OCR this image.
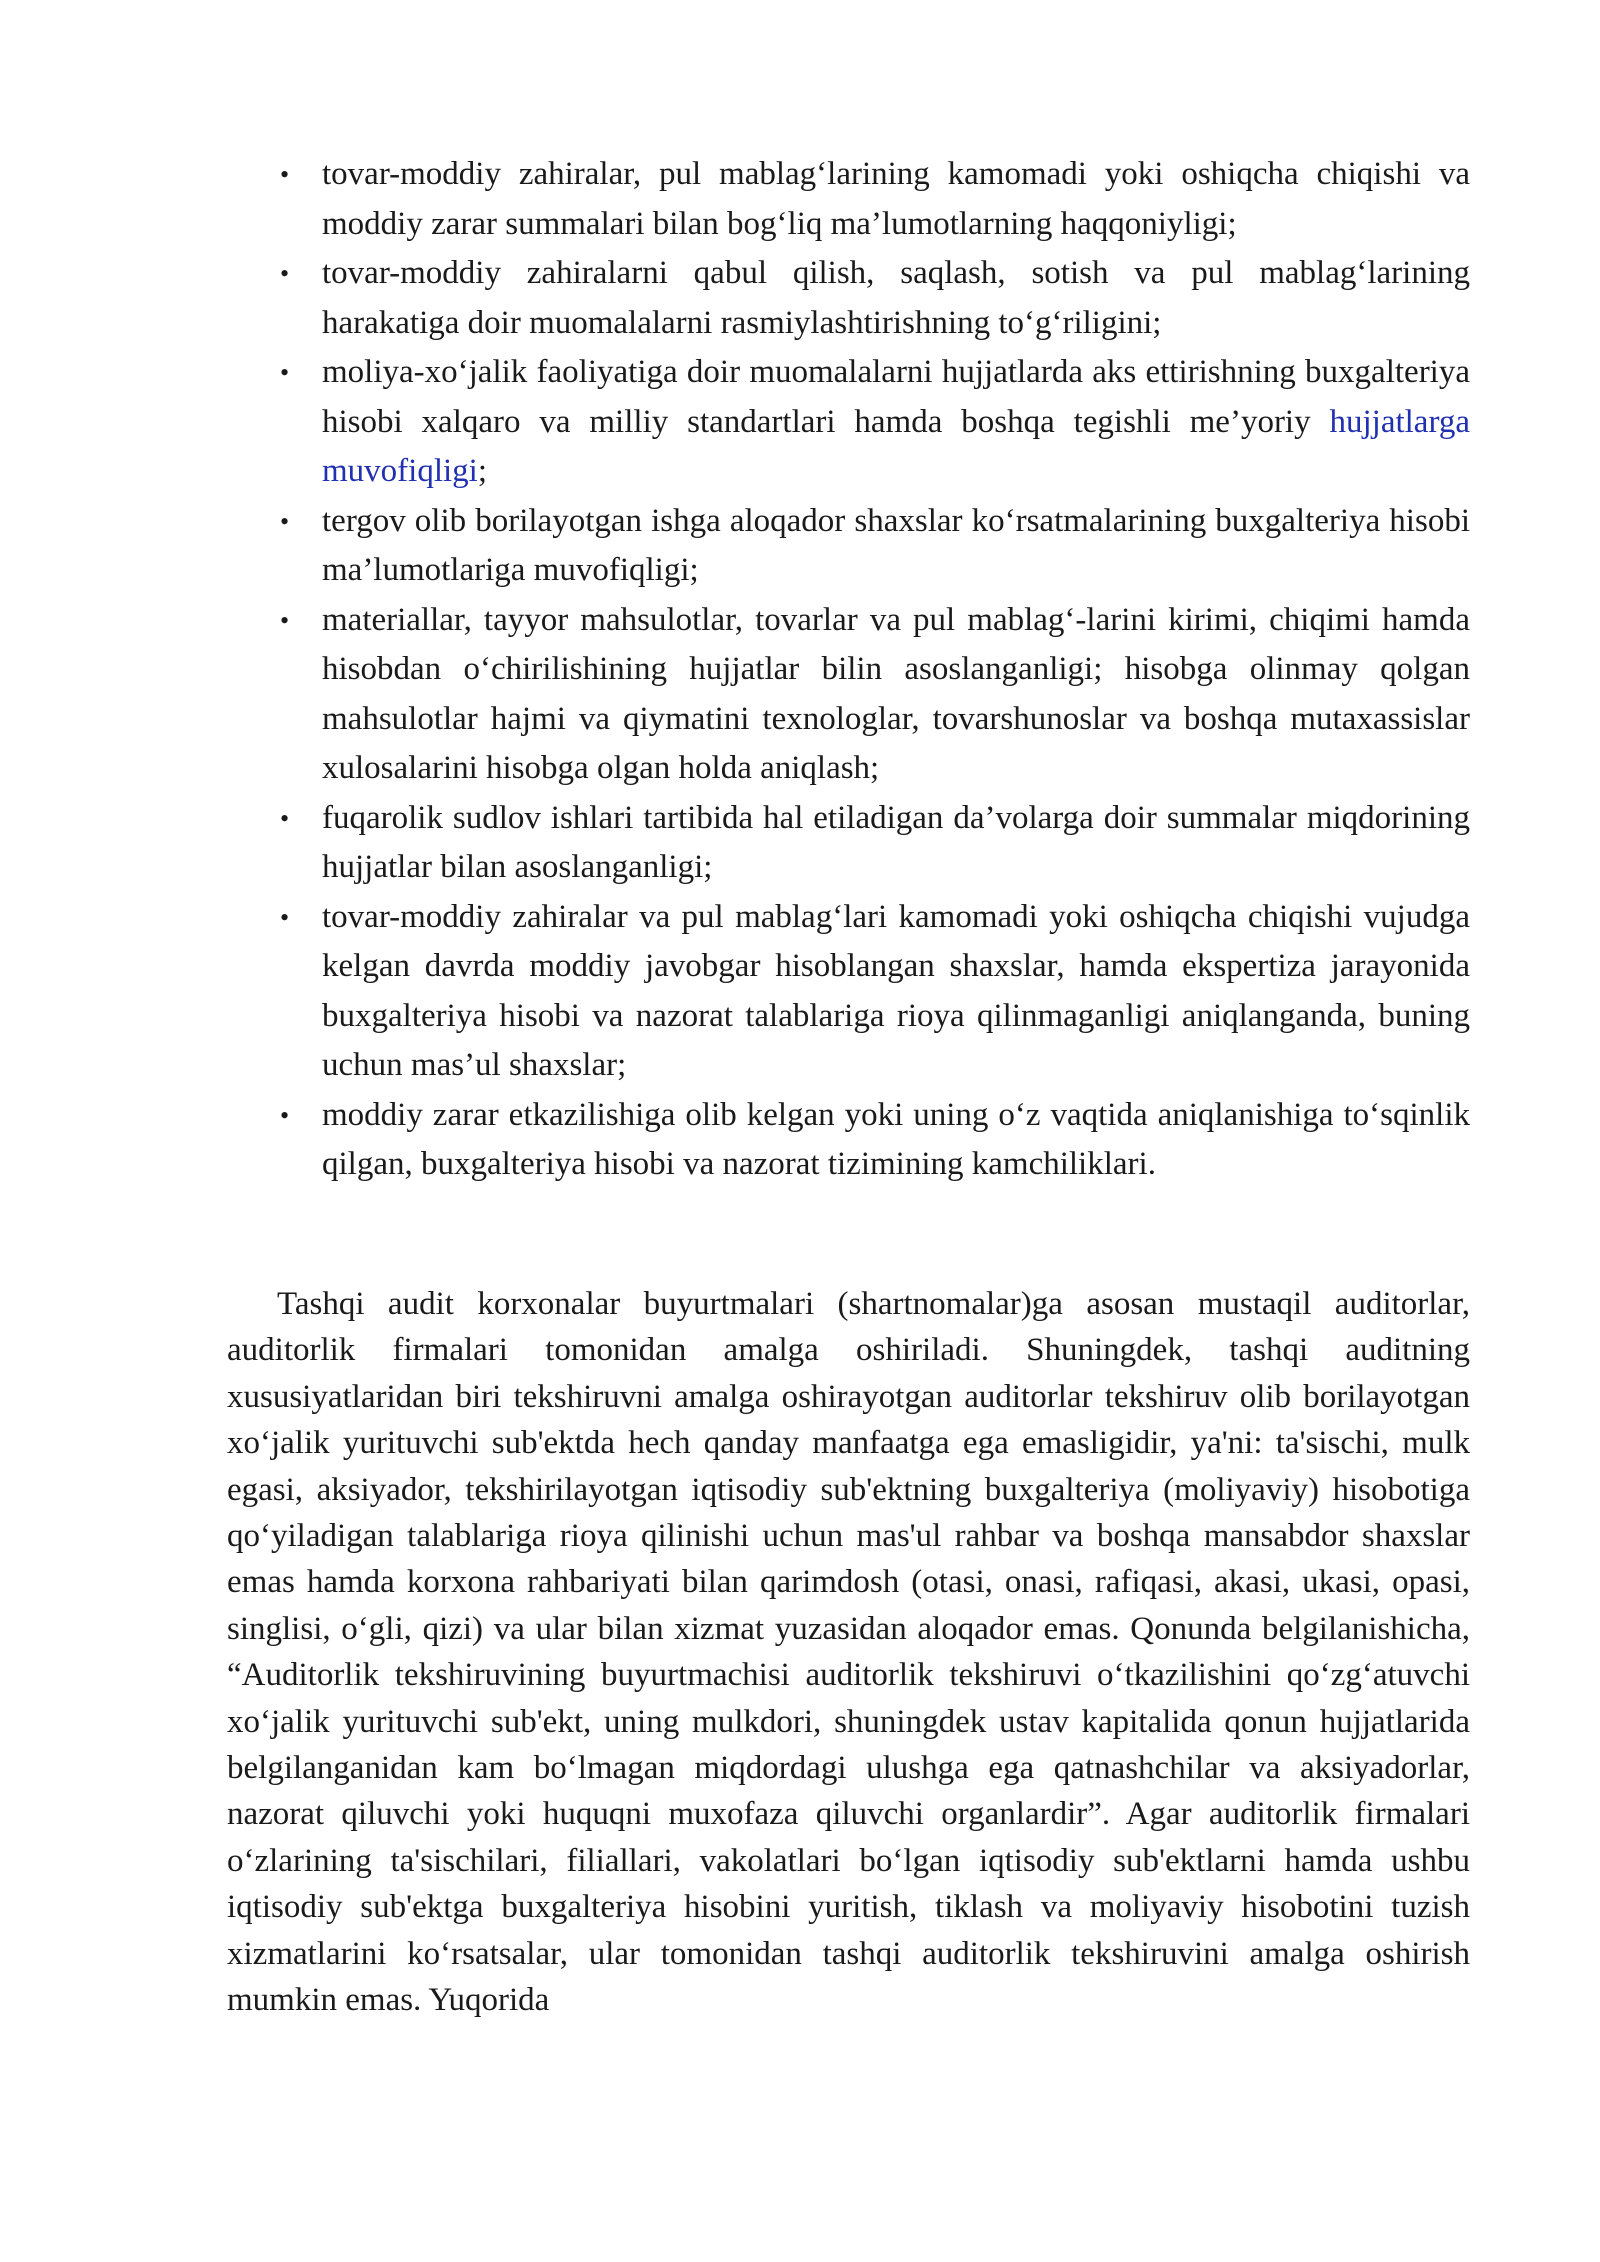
• tovar-moddiy zahiralar, pul mablag‘larining kamomadi yoki oshiqcha chiqishi va moddiy zarar summalari bilan bog‘liq ma’lumotlarning haqqoniyligi;
• tovar-moddiy zahiralarni qabul qilish, saqlash, sotish va pul mablag‘larining harakatiga doir muomalalarni rasmiylashtirishning to‘g‘riligini;
• moliya-xo‘jalik faoliyatiga doir muomalalarni hujjatlarda aks ettirishning buxgalteriya hisobi xalqaro va milliy standartlari hamda boshqa tegishli me’yoriy hujjatlarga muvofiqligi;
• tergov olib borilayotgan ishga aloqador shaxslar ko‘rsatmalarining buxgalteriya hisobi ma’lumotlariga muvofiqligi;
• materiallar, tayyor mahsulotlar, tovarlar va pul mablag‘-larini kirimi, chiqimi hamda hisobdan o‘chirilishining hujjatlar bilin asoslanganligi; hisobga olinmay qolgan mahsulotlar hajmi va qiymatini texnologlar, tovarshunoslar va boshqa mutaxassislar xulosalarini hisobga olgan holda aniqlash;
• fuqarolik sudlov ishlari tartibida hal etiladigan da’volarga doir summalar miqdorining hujjatlar bilan asoslanganligi;
• tovar-moddiy zahiralar va pul mablag‘lari kamomadi yoki oshiqcha chiqishi vujudga kelgan davrda moddiy javobgar hisoblangan shaxslar, hamda ekspertiza jarayonida buxgalteriya hisobi va nazorat talablariga rioya qilinmaganligi aniqlanganda, buning uchun mas’ul shaxslar;
• moddiy zarar etkazilishiga olib kelgan yoki uning o‘z vaqtida aniqlanishiga to‘sqinlik qilgan, buxgalteriya hisobi va nazorat tizimining kamchiliklari.

Tashqi audit korxonalar buyurtmalari (shartnomalar)ga asosan mustaqil auditorlar, auditorlik firmalari tomonidan amalga oshiriladi. Shuningdek, tashqi auditning xususiyatlaridan biri tekshiruvni amalga oshirayotgan auditorlar tekshiruv olib borilayotgan xo‘jalik yurituvchi sub'ektda hech qanday manfaatga ega emasligidir, ya'ni: ta'sischi, mulk egasi, aksiyador, tekshirilayotgan iqtisodiy sub'ektning buxgalteriya (moliyaviy) hisobotiga qo‘yiladigan talablariga rioya qilinishi uchun mas'ul rahbar va boshqa mansabdor shaxslar emas hamda korxona rahbariyati bilan qarimdosh (otasi, onasi, rafiqasi, akasi, ukasi, opasi, singlisi, o‘gli, qizi) va ular bilan xizmat yuzasidan aloqador emas. Qonunda belgilanishicha, “Auditorlik tekshiruvining buyurtmachisi auditorlik tekshiruvi o‘tkazilishini qo‘zg‘atuvchi xo‘jalik yurituvchi sub'ekt, uning mulkdori, shuningdek ustav kapitalida qonun hujjatlarida belgilanganidan kam bo‘lmagan miqdordagi ulushga ega qatnashchilar va aksiyadorlar, nazorat qiluvchi yoki huquqni muxofaza qiluvchi organlardir”. Agar auditorlik firmalari o‘zlarining ta'sischilari, filiallari, vakolatlari bo‘lgan iqtisodiy sub'ektlarni hamda ushbu iqtisodiy sub'ektga buxgalteriya hisobini yuritish, tiklash va moliyaviy hisobotini tuzish xizmatlarini ko‘rsatsalar, ular tomonidan tashqi auditorlik tekshiruvini amalga oshirish mumkin emas. Yuqorida
